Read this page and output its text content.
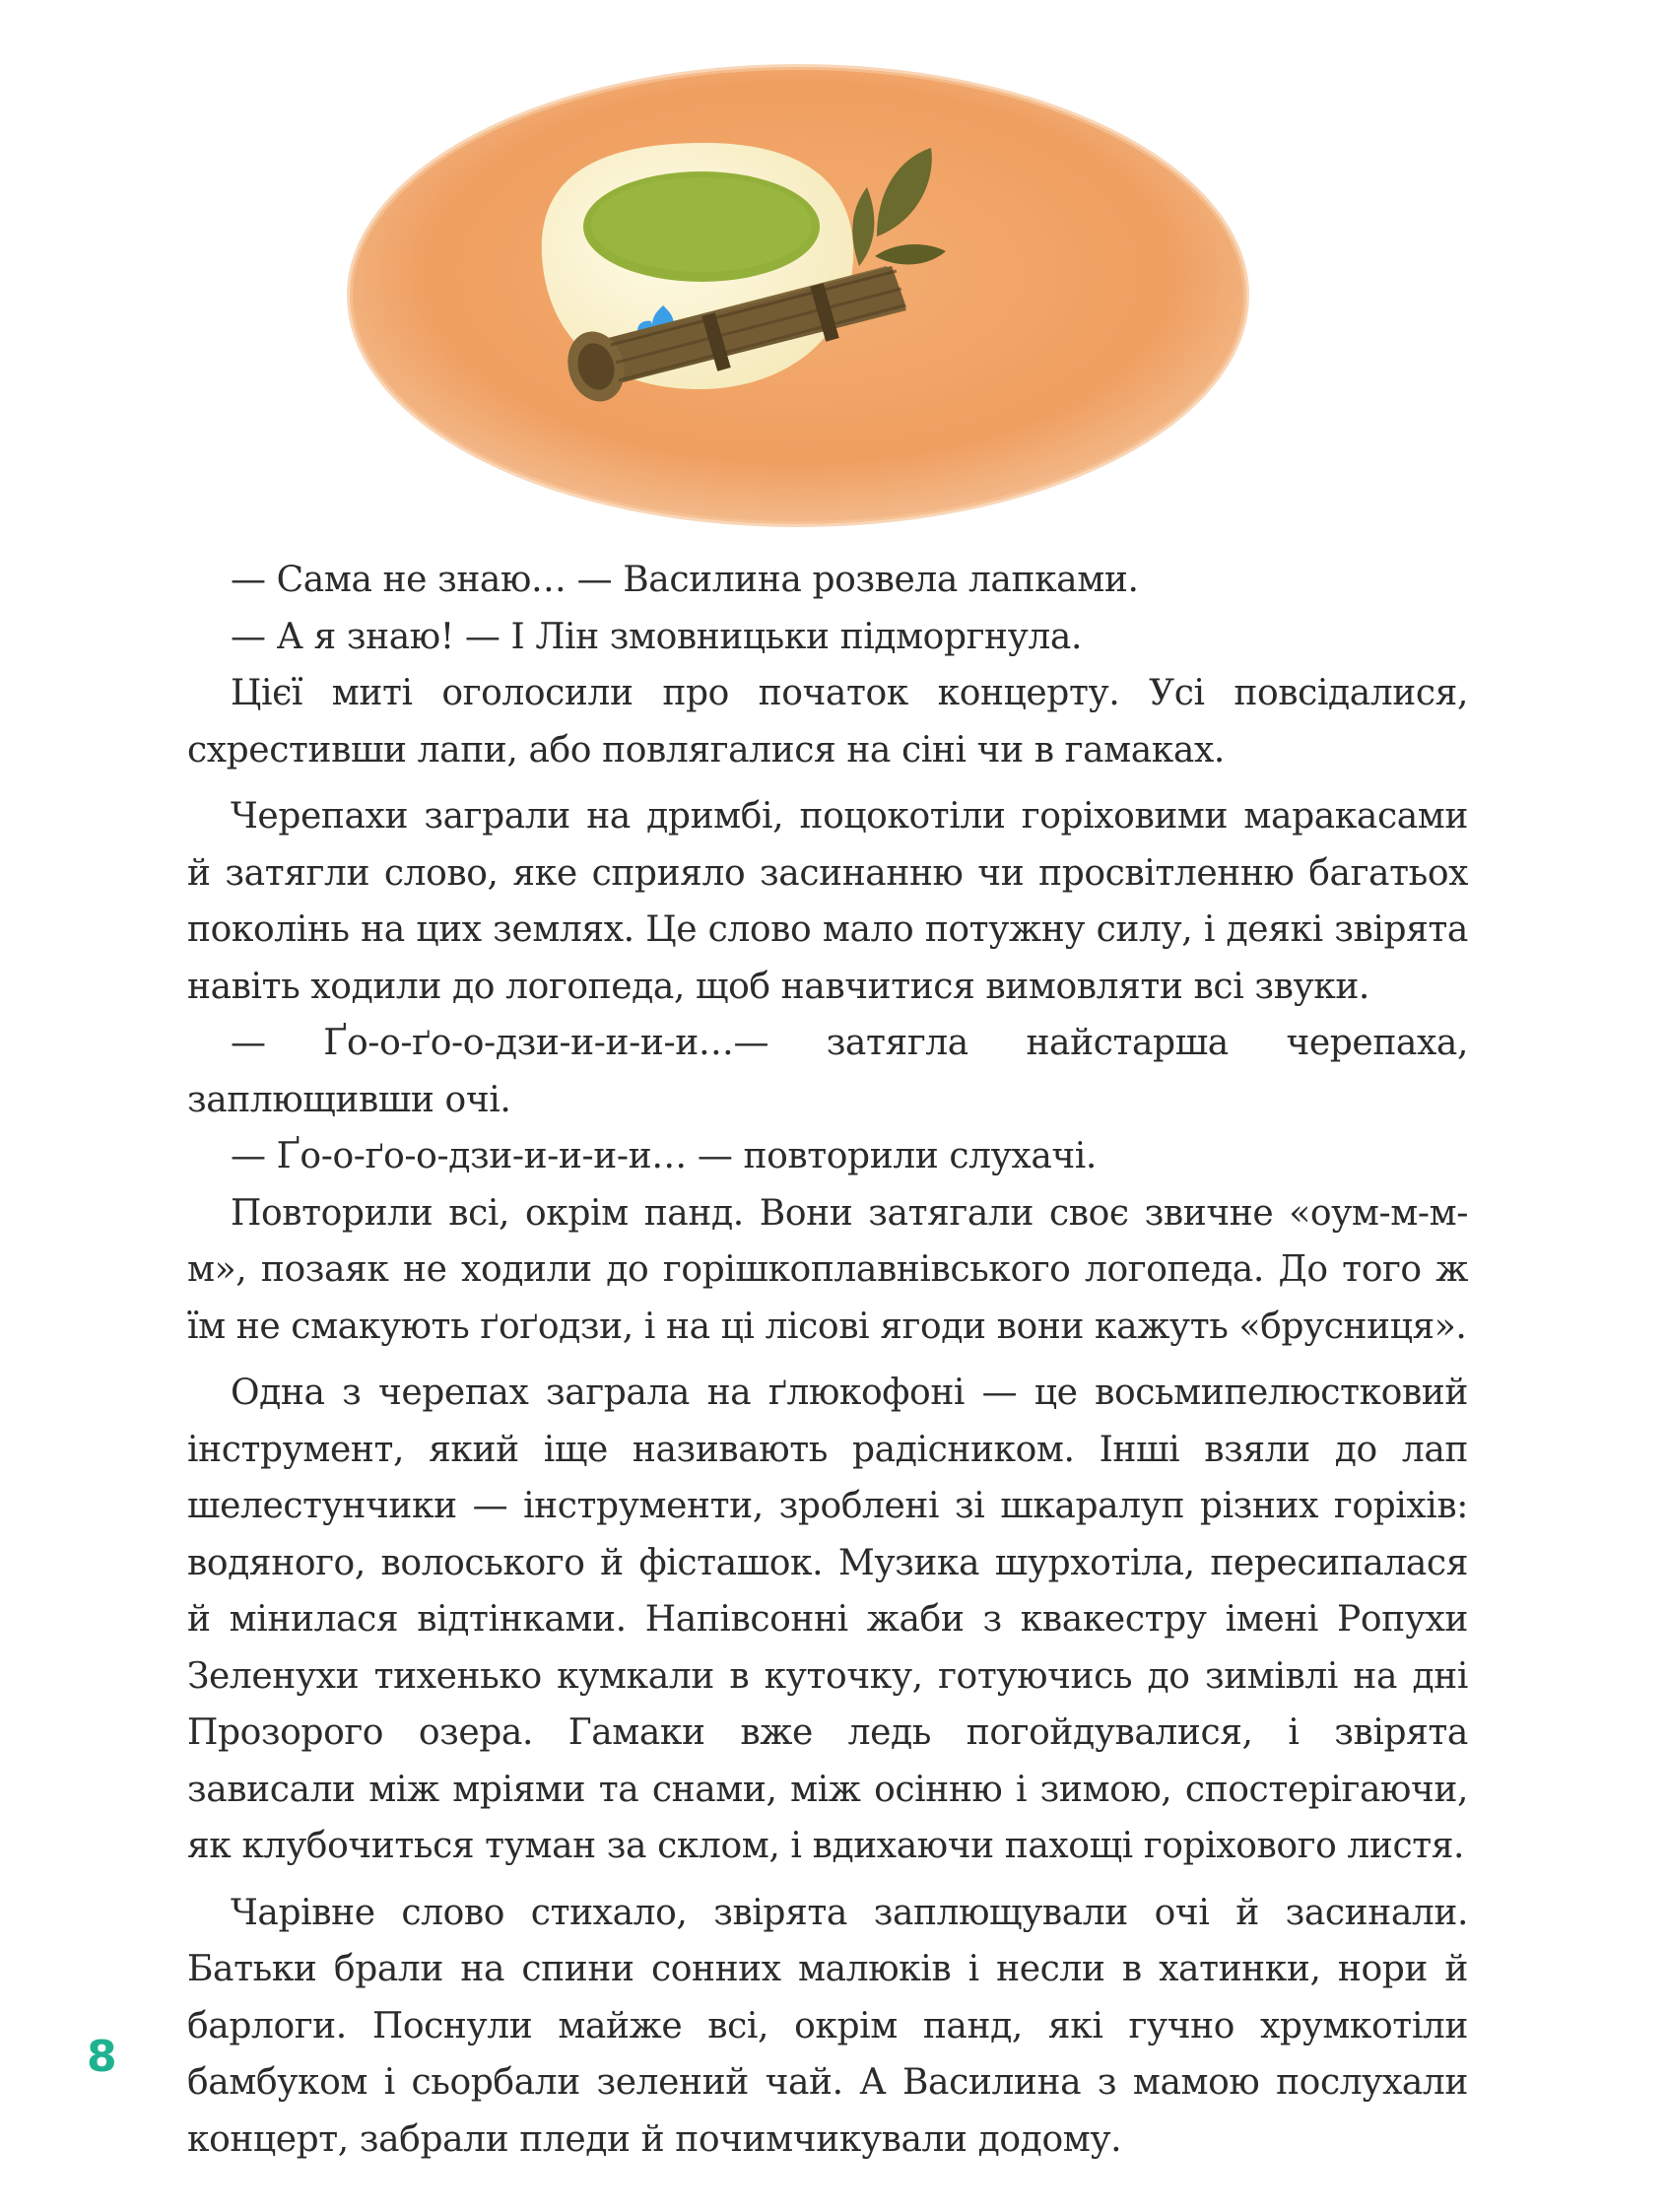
— Сама не знаю… — Василина розвела лапками.

— А я знаю! — І Лін змовницьки підморгнула.

Цієї миті оголосили про початок концерту. Усі повсідалися, схрестивши лапи, або повлягалися на сіні чи в гамаках.

Черепахи заграли на дримбі, поцокотіли горіховими маракасами й затягли слово, яке сприяло засинанню чи просвітленню багатьох поколінь на цих землях. Це слово мало потужну силу, і деякі звірята навіть ходили до логопеда, щоб навчитися вимовляти всі звуки.

— Ґо-о-ґо-о-дзи-и-и-и-и…— затягла найстарша черепаха, заплющивши очі.

— Ґо-о-ґо-о-дзи-и-и-и-и… — повторили слухачі.

Повторили всі, окрім панд. Вони затягали своє звичне «оум-м-м-м», позаяк не ходили до горішкоплавнівського логопеда. До того ж їм не смакують ґоґодзи, і на ці лісові ягоди вони кажуть «брусниця».

Одна з черепах заграла на ґлюкофоні — це восьмипелюстковий інструмент, який іще називають радісником. Інші взяли до лап шелестунчики — інструменти, зроблені зі шкаралуп різних горіхів: водяного, волоського й фісташок. Музика шурхотіла, пересипалася й мінилася відтінками. Напівсонні жаби з квакестру імені Ропухи Зеленухи тихенько кумкали в куточку, готуючись до зимівлі на дні Прозорого озера. Гамаки вже ледь погойдувалися, і звірята зависали між мріями та снами, між осінню і зимою, спостерігаючи, як клубочиться туман за склом, і вдихаючи пахощі горіхового листя.

Чарівне слово стихало, звірята заплющували очі й засинали. Батьки брали на спини сонних малюків і несли в хатинки, нори й барлоги. Поснули майже всі, окрім панд, які гучно хрумкотіли бамбуком і сьорбали зелений чай. А Василина з мамою послухали концерт, забрали пледи й почимчикували додому.

8
